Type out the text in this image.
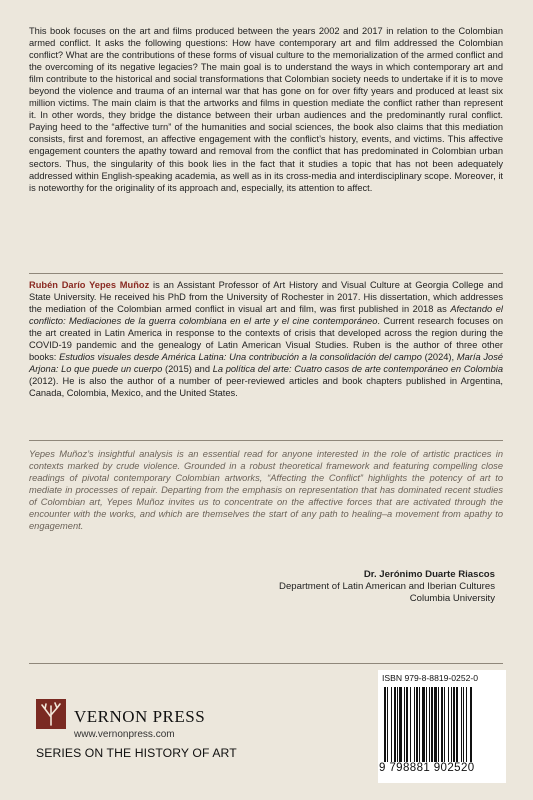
This book focuses on the art and films produced between the years 2002 and 2017 in relation to the Colombian armed conflict. It asks the following questions: How have contemporary art and film addressed the Colombian conflict? What are the contributions of these forms of visual culture to the memorialization of the armed conflict and the overcoming of its negative legacies? The main goal is to understand the ways in which contemporary art and film contribute to the historical and social transformations that Colombian society needs to undertake if it is to move beyond the violence and trauma of an internal war that has gone on for over fifty years and produced at least six million victims. The main claim is that the artworks and films in question mediate the conflict rather than represent it. In other words, they bridge the distance between their urban audiences and the predominantly rural conflict. Paying heed to the “affective turn” of the humanities and social sciences, the book also claims that this mediation consists, first and foremost, an affective engagement with the conflict’s history, events, and victims. This affective engagement counters the apathy toward and removal from the conflict that has predominated in Colombian urban sectors. Thus, the singularity of this book lies in the fact that it studies a topic that has not been adequately addressed within English-speaking academia, as well as in its cross-media and interdisciplinary scope. Moreover, it is noteworthy for the originality of its approach and, especially, its attention to affect.

Rubén Darío Yepes Muñoz is an Assistant Professor of Art History and Visual Culture at Georgia College and State University. He received his PhD from the University of Rochester in 2017. His dissertation, which addresses the mediation of the Colombian armed conflict in visual art and film, was first published in 2018 as Afectando el conflicto: Mediaciones de la guerra colombiana en el arte y el cine contemporáneo. Current research focuses on the art created in Latin America in response to the contexts of crisis that developed across the region during the COVID-19 pandemic and the genealogy of Latin American Visual Studies. Ruben is the author of three other books: Estudios visuales desde América Latina: Una contribución a la consolidación del campo (2024), María José Arjona: Lo que puede un cuerpo (2015) and La política del arte: Cuatro casos de arte contemporáneo en Colombia (2012). He is also the author of a number of peer-reviewed articles and book chapters published in Argentina, Canada, Colombia, Mexico, and the United States.

Yepes Muñoz’s insightful analysis is an essential read for anyone interested in the role of artistic practices in contexts marked by crude violence. Grounded in a robust theoretical framework and featuring compelling close readings of pivotal contemporary Colombian artworks, “Affecting the Conflict” highlights the potency of art to mediate in processes of repair. Departing from the emphasis on representation that has dominated recent studies of Colombian art, Yepes Muñoz invites us to concentrate on the affective forces that are activated through the encounter with the works, and which are themselves the start of any path to healing–a movement from apathy to engagement.

Dr. Jerónimo Duarte Riascos
Department of Latin American and Iberian Cultures
Columbia University
VERNON PRESS
www.vernonpress.com
SERIES ON THE HISTORY OF ART
ISBN 979-8-8819-0252-0
9 798881 902520
